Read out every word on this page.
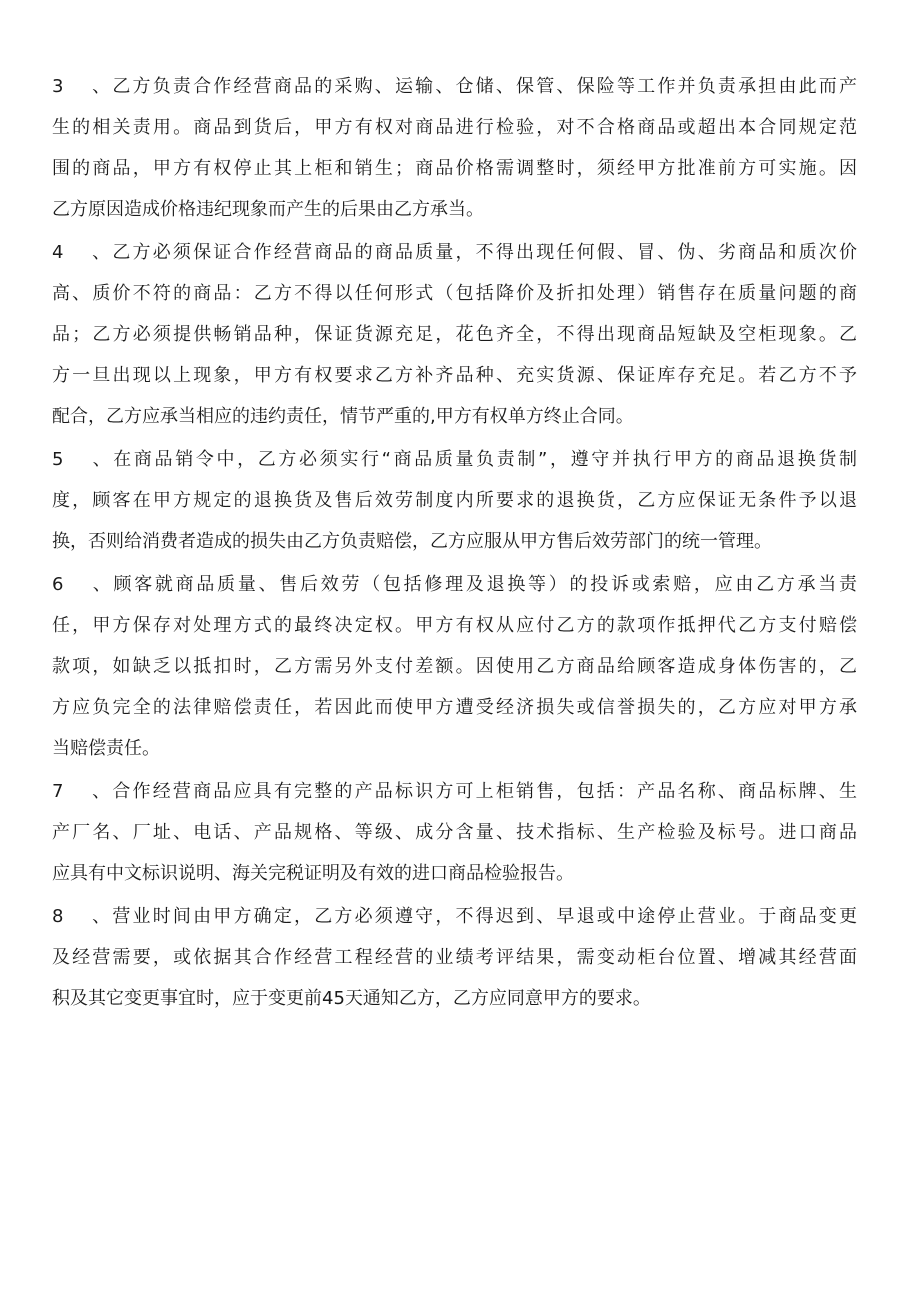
3 、乙方负责合作经营商品的采购、运输、仓储、保管、保险等工作并负责承担由此而产
生的相关责用。商品到货后，甲方有权对商品进行检验，对不合格商品或超出本合同规定范
围的商品，甲方有权停止其上柜和销生；商品价格需调整时，须经甲方批准前方可实施。因
乙方原因造成价格违纪现象而产生的后果由乙方承当。
4 、乙方必须保证合作经营商品的商品质量，不得出现任何假、冒、伪、劣商品和质次价
高、质价不符的商品：乙方不得以任何形式（包括降价及折扣处理）销售存在质量问题的商
品；乙方必须提供畅销品种，保证货源充足，花色齐全，不得出现商品短缺及空柜现象。乙
方一旦出现以上现象，甲方有权要求乙方补齐品种、充实货源、保证库存充足。若乙方不予
配合，乙方应承当相应的违约责任，情节严重的,甲方有权单方终止合同。
5 、在商品销令中，乙方必须实行“商品质量负责制”，遵守并执行甲方的商品退换货制
度，顾客在甲方规定的退换货及售后效劳制度内所要求的退换货，乙方应保证无条件予以退
换，否则给消费者造成的损失由乙方负责赔偿，乙方应服从甲方售后效劳部门的统一管理。
6 、顾客就商品质量、售后效劳（包括修理及退换等）的投诉或索赔，应由乙方承当责
任，甲方保存对处理方式的最终决定权。甲方有权从应付乙方的款项作抵押代乙方支付赔偿
款项，如缺乏以抵扣时，乙方需另外支付差额。因使用乙方商品给顾客造成身体伤害的，乙
方应负完全的法律赔偿责任，若因此而使甲方遭受经济损失或信誉损失的，乙方应对甲方承
当赔偿责任。
7 、合作经营商品应具有完整的产品标识方可上柜销售，包括：产品名称、商品标牌、生
产厂名、厂址、电话、产品规格、等级、成分含量、技术指标、生产检验及标号。进口商品
应具有中文标识说明、海关完税证明及有效的进口商品检验报告。
8 、营业时间由甲方确定，乙方必须遵守，不得迟到、早退或中途停止营业。于商品变更
及经营需要，或依据其合作经营工程经营的业绩考评结果，需变动柜台位置、增减其经营面
积及其它变更事宜时，应于变更前45天通知乙方，乙方应同意甲方的要求。
